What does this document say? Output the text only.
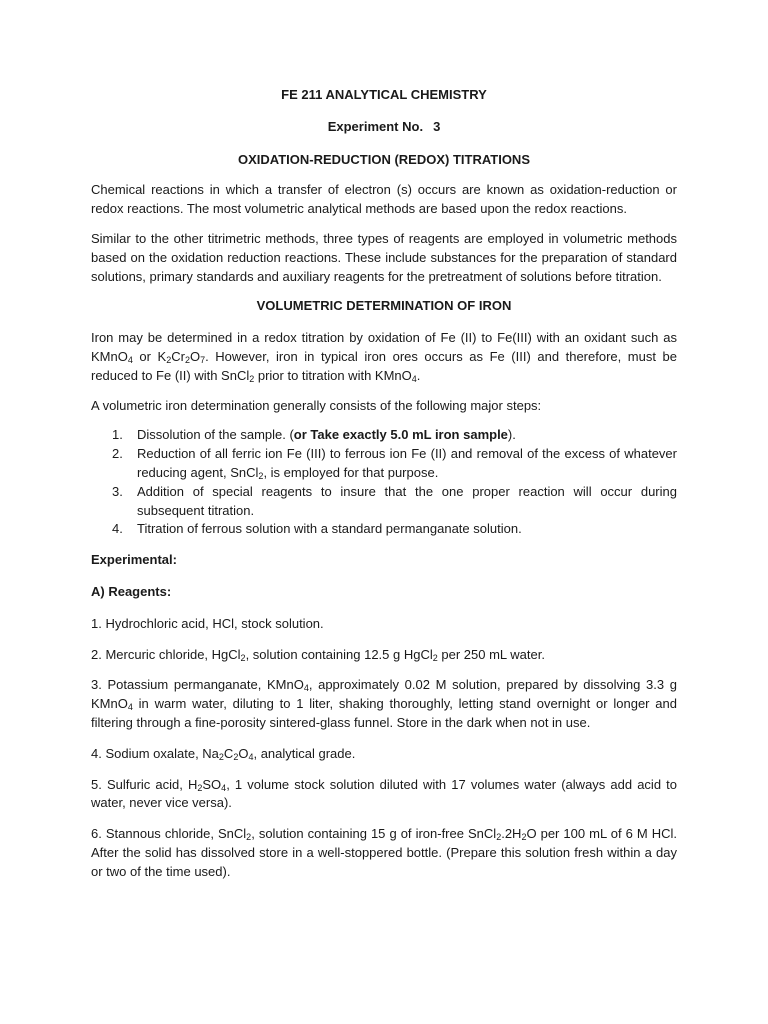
FE 211 ANALYTICAL CHEMISTRY
Experiment No. 3
OXIDATION-REDUCTION (REDOX) TITRATIONS

Chemical reactions in which a transfer of electron (s) occurs are known as oxidation-reduction or redox reactions. The most volumetric analytical methods are based upon the redox reactions.

Similar to the other titrimetric methods, three types of reagents are employed in volumetric methods based on the oxidation reduction reactions. These include substances for the preparation of standard solutions, primary standards and auxiliary reagents for the pretreatment of solutions before titration.

VOLUMETRIC DETERMINATION OF IRON

Iron may be determined in a redox titration by oxidation of Fe (II) to Fe(III) with an oxidant such as KMnO$_4$ or $K_2Cr_2O_7$. However, iron in typical iron ores occurs as Fe (III) and therefore, must be reduced to Fe (II) with SnCl$_2$ prior to titration with KMnO$_4$.

A volumetric iron determination generally consists of the following major steps:

1. Dissolution of the sample. (or Take exactly 5.0 mL iron sample).
2. Reduction of all ferric ion Fe (III) to ferrous ion Fe (II) and removal of the excess of whatever reducing agent, SnCl$_2$, is employed for that purpose.
3. Addition of special reagents to insure that the one proper reaction will occur during subsequent titration.
4. Titration of ferrous solution with a standard permanganate solution.
Experimental:
A) Reagents:
1. Hydrochloric acid, HCl, stock solution.
2. Mercuric chloride, HgCl$_2$, solution containing 12.5 g HgCl$_2$ per 250 mL water.
3. Potassium permanganate, KMnO$_4$, approximately 0.02 M solution, prepared by dissolving 3.3 g KMnO$_4$ in warm water, diluting to 1 liter, shaking thoroughly, letting stand overnight or longer and filtering through a fine-porosity sintered-glass funnel. Store in the dark when not in use.
4. Sodium oxalate, $Na_2C_2O_4$, analytical grade.
5. Sulfuric acid, $H_2SO_4$, 1 volume stock solution diluted with 17 volumes water (always add acid to water, never vice versa).
6. Stannous chloride, SnCl$_2$, solution containing 15 g of iron-free $SnCl_2.2H_2O$ per 100 mL of 6 M HCl. After the solid has dissolved store in a well-stoppered bottle. (Prepare this solution fresh within a day or two of the time used).
